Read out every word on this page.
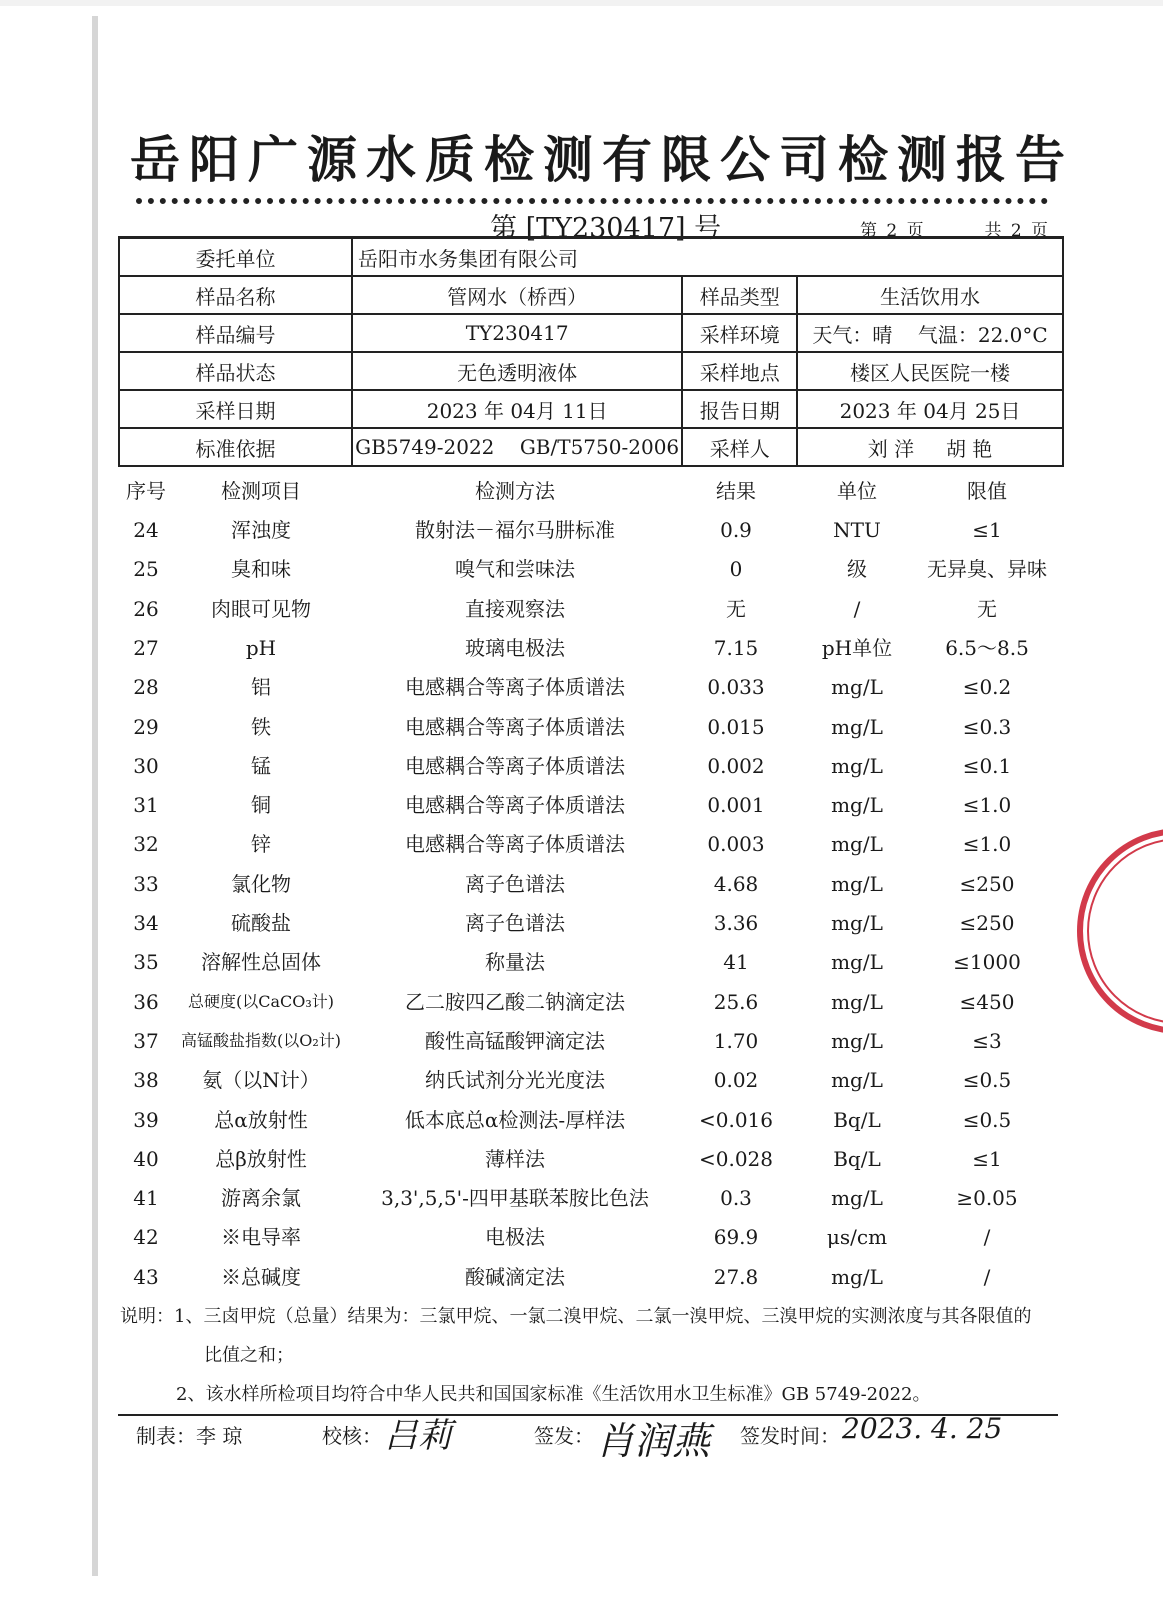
岳阳广源水质检测有限公司检测报告
第 [TY230417] 号	第 2 页	共 2 页
委托单位	岳阳市水务集团有限公司		
样品名称	管网水（桥西）	样品类型	生活饮用水
样品编号	TY230417	采样环境	天气：晴    气温：22.0°C
样品状态	无色透明液体	采样地点	楼区人民医院一楼
采样日期	2023 年 04月 11日	报告日期	2023 年 04月 25日
标准依据	GB5749-2022    GB/T5750-2006	采样人	刘 洋     胡 艳
序号	检测项目	检测方法	结果	单位	限值
24	浑浊度	散射法－福尔马肼标准	0.9	NTU	≤1
25	臭和味	嗅气和尝味法	0	级	无异臭、异味
26	肉眼可见物	直接观察法	无	/	无
27	pH	玻璃电极法	7.15	pH单位	6.5～8.5
28	铝	电感耦合等离子体质谱法	0.033	mg/L	≤0.2
29	铁	电感耦合等离子体质谱法	0.015	mg/L	≤0.3
30	锰	电感耦合等离子体质谱法	0.002	mg/L	≤0.1
31	铜	电感耦合等离子体质谱法	0.001	mg/L	≤1.0
32	锌	电感耦合等离子体质谱法	0.003	mg/L	≤1.0
33	氯化物	离子色谱法	4.68	mg/L	≤250
34	硫酸盐	离子色谱法	3.36	mg/L	≤250
35	溶解性总固体	称量法	41	mg/L	≤1000
36	总硬度(以CaCO₃计)	乙二胺四乙酸二钠滴定法	25.6	mg/L	≤450
37	高锰酸盐指数(以O₂计)	酸性高锰酸钾滴定法	1.70	mg/L	≤3
38	氨（以N计）	纳氏试剂分光光度法	0.02	mg/L	≤0.5
39	总α放射性	低本底总α检测法-厚样法	<0.016	Bq/L	≤0.5
40	总β放射性	薄样法	<0.028	Bq/L	≤1
41	游离余氯	3,3',5,5'-四甲基联苯胺比色法	0.3	mg/L	≥0.05
42	※电导率	电极法	69.9	μs/cm	/
43	※总碱度	酸碱滴定法	27.8	mg/L	/
说明：1、三卤甲烷（总量）结果为：三氯甲烷、一氯二溴甲烷、二氯一溴甲烷、三溴甲烷的实测浓度与其各限值的
比值之和；
2、该水样所检项目均符合中华人民共和国国家标准《生活饮用水卫生标准》GB 5749-2022。
制表：李 琼	校核： 吕莉	签发： 肖润燕 签发时间： 2023. 4. 25
